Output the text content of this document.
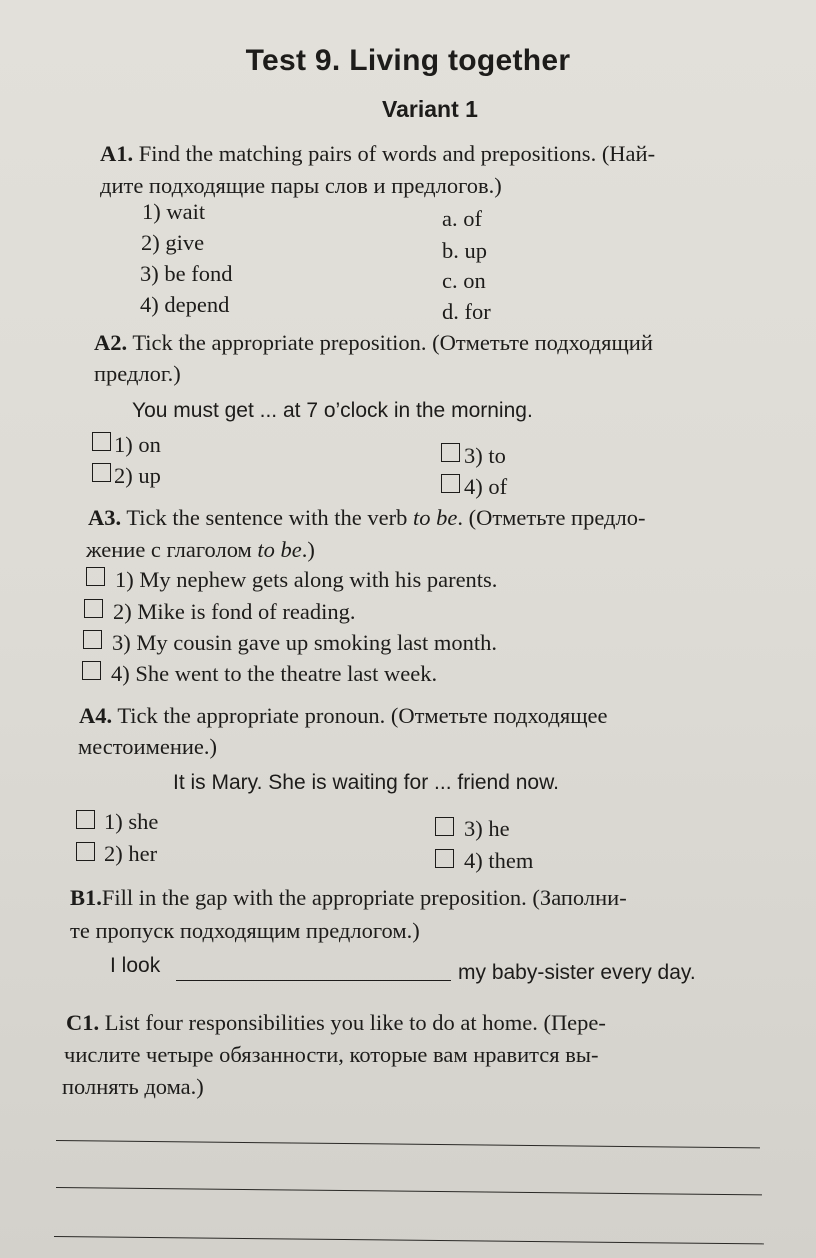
Test 9. Living together
Variant 1
A1. Find the matching pairs of words and prepositions. (Най-
дите подходящие пары слов и предлогов.)
1) wait
2) give
3) be fond
4) depend
a. of
b. up
c. on
d. for
A2. Tick the appropriate preposition. (Отметьте подходящий
предлог.)
You must get ... at 7 o’clock in the morning.
1) on
2) up
3) to
4) of
A3. Tick the sentence with the verb to be. (Отметьте предло-
жение с глаголом to be.)
1) My nephew gets along with his parents.
2) Mike is fond of reading.
3) My cousin gave up smoking last month.
4) She went to the theatre last week.
A4. Tick the appropriate pronoun. (Отметьте подходящее
местоимение.)
It is Mary. She is waiting for ... friend now.
1) she
2) her
3) he
4) them
B1.Fill in the gap with the appropriate preposition. (Заполни-
те пропуск подходящим предлогом.)
I look	my baby-sister every day.
C1. List four responsibilities you like to do at home. (Пере-
числите четыре обязанности, которые вам нравится вы-
полнять дома.)
